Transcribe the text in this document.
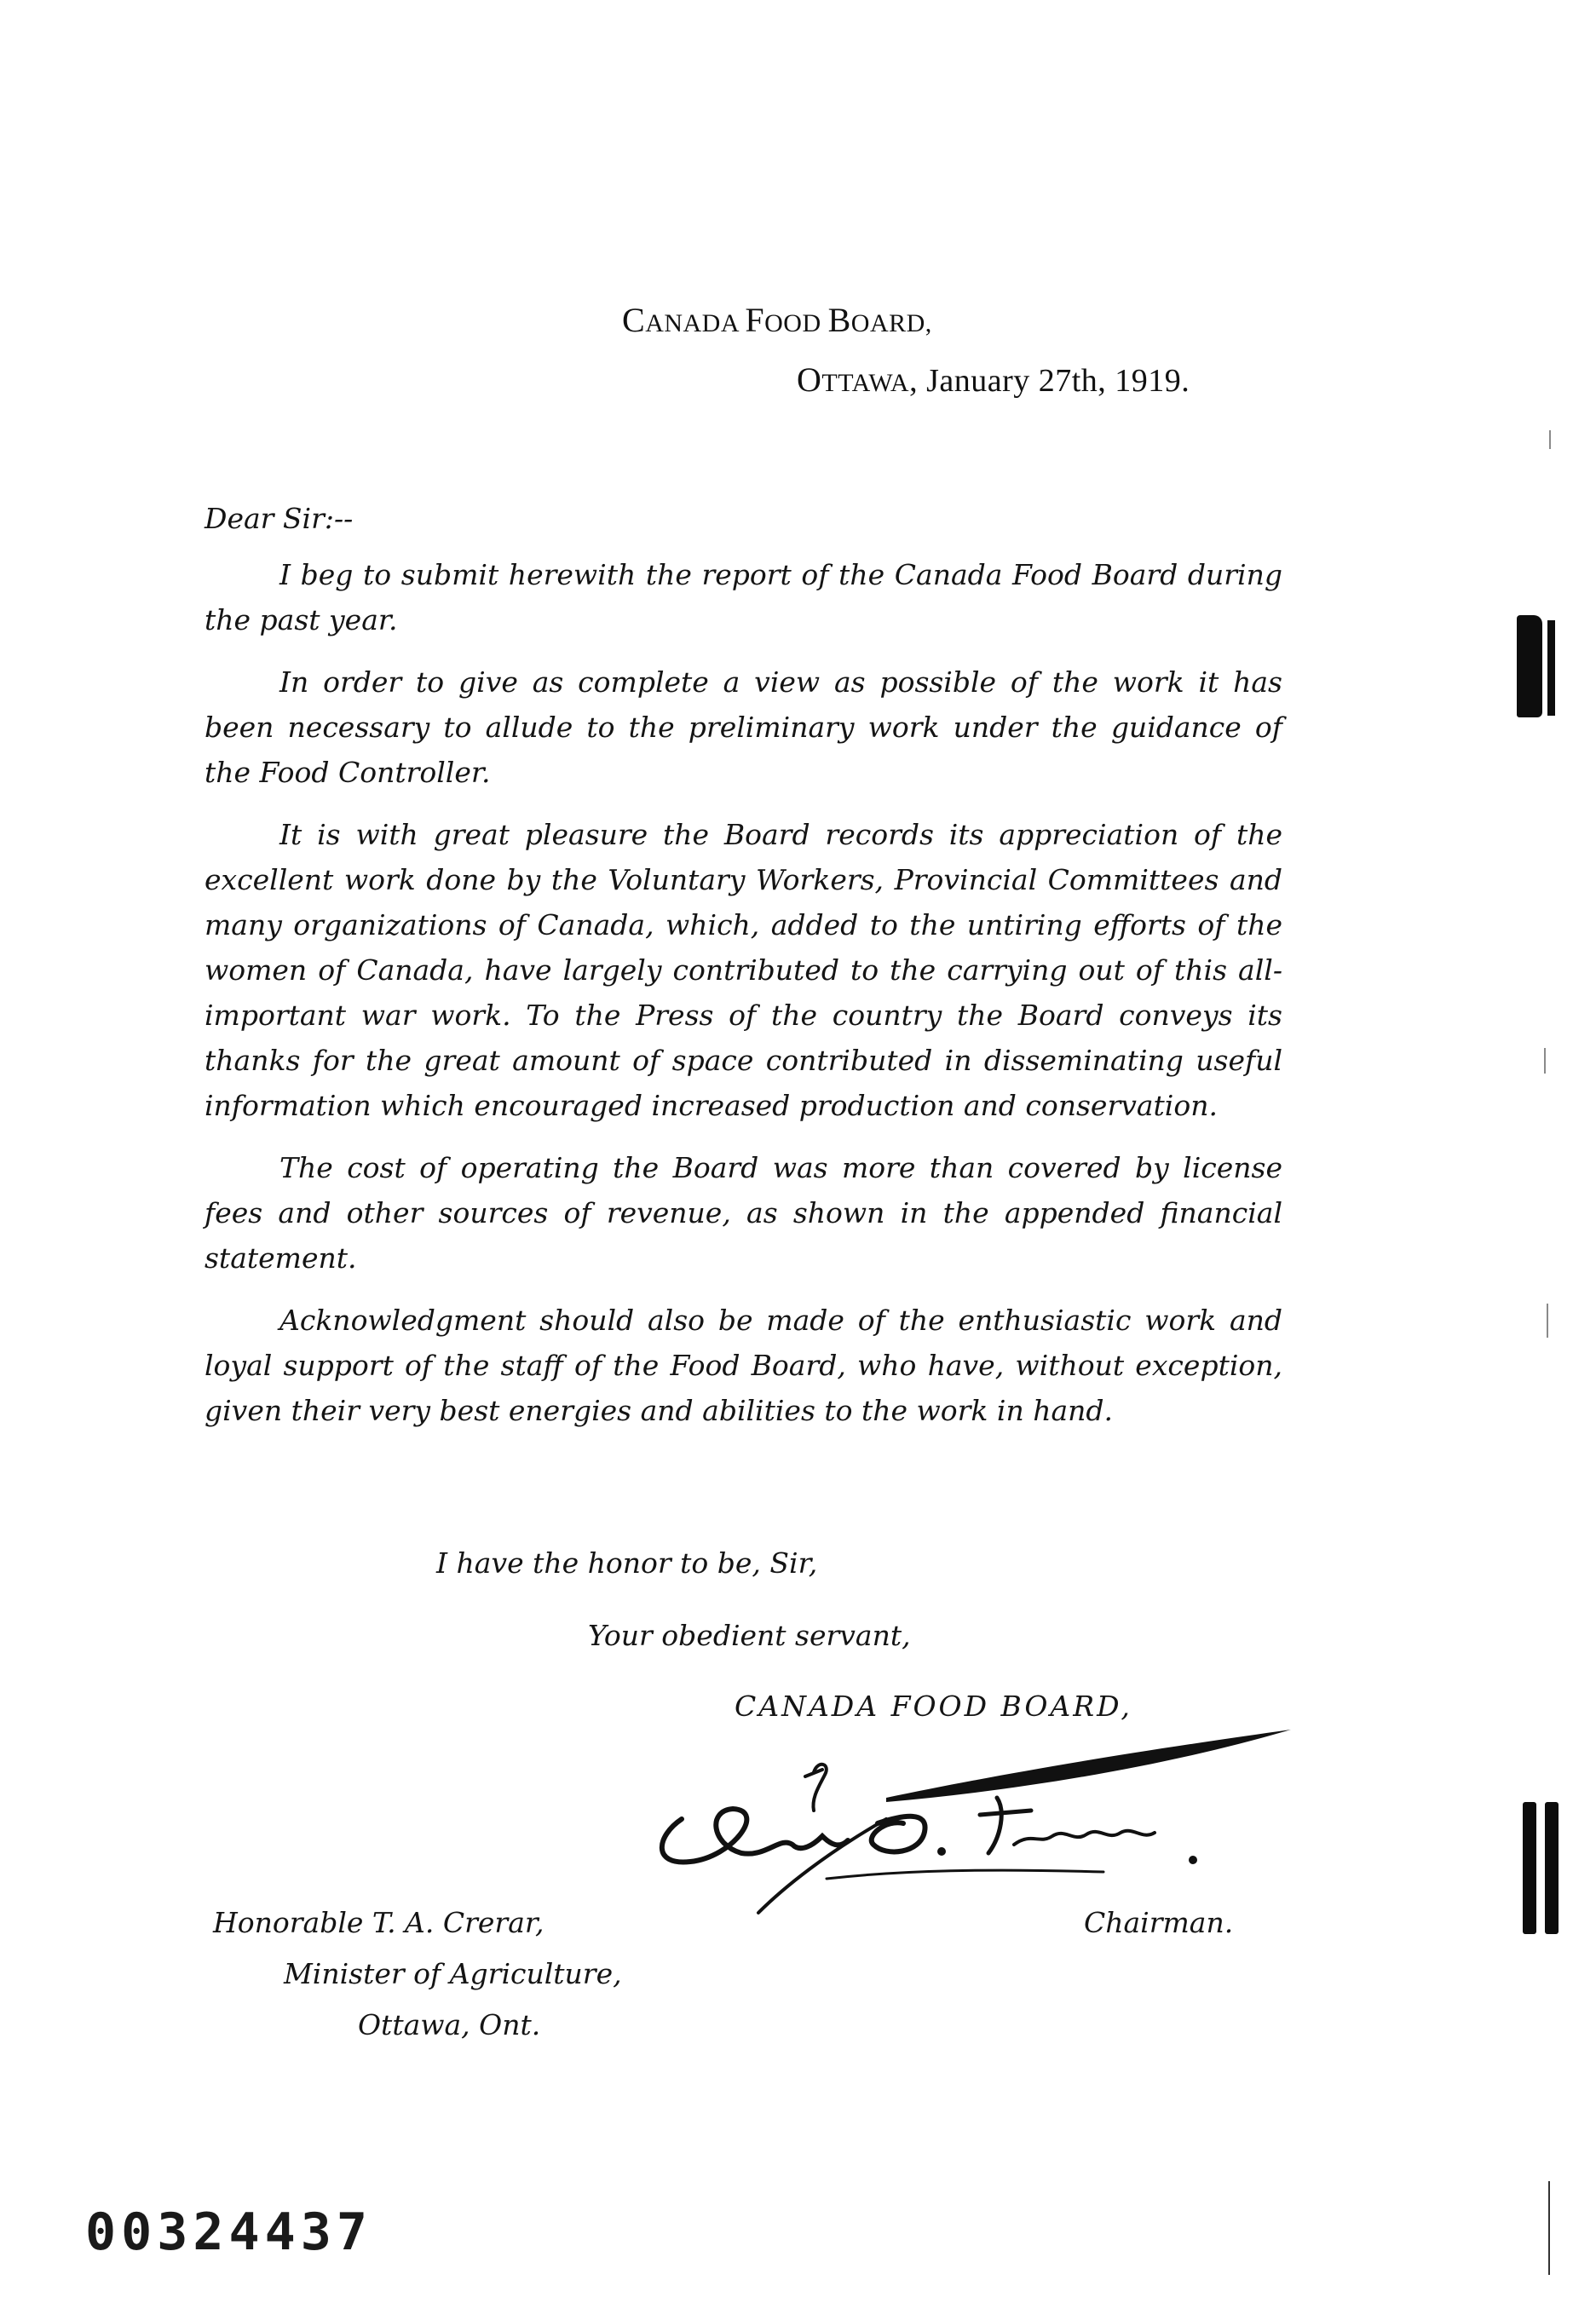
CANADA FOOD BOARD,
OTTAWA, January 27th, 1919.
Dear Sir:--

I beg to submit herewith the report of the Canada Food Board during the past year.

In order to give as complete a view as possible of the work it has been necessary to allude to the preliminary work under the guidance of the Food Controller.

It is with great pleasure the Board records its appreciation of the excellent work done by the Voluntary Workers, Provincial Committees and many organizations of Canada, which, added to the untiring efforts of the women of Canada, have largely contributed to the carrying out of this all-important war work. To the Press of the country the Board conveys its thanks for the great amount of space contributed in disseminating useful information which encouraged increased production and conservation.

The cost of operating the Board was more than covered by license fees and other sources of revenue, as shown in the appended financial statement.

Acknowledgment should also be made of the enthusiastic work and loyal support of the staff of the Food Board, who have, without exception, given their very best energies and abilities to the work in hand.

I have the honor to be, Sir,
Your obedient servant,
CANADA FOOD BOARD,
Chairman.
Honorable T. A. Crerar,
Minister of Agriculture,
Ottawa, Ont.
00324437
